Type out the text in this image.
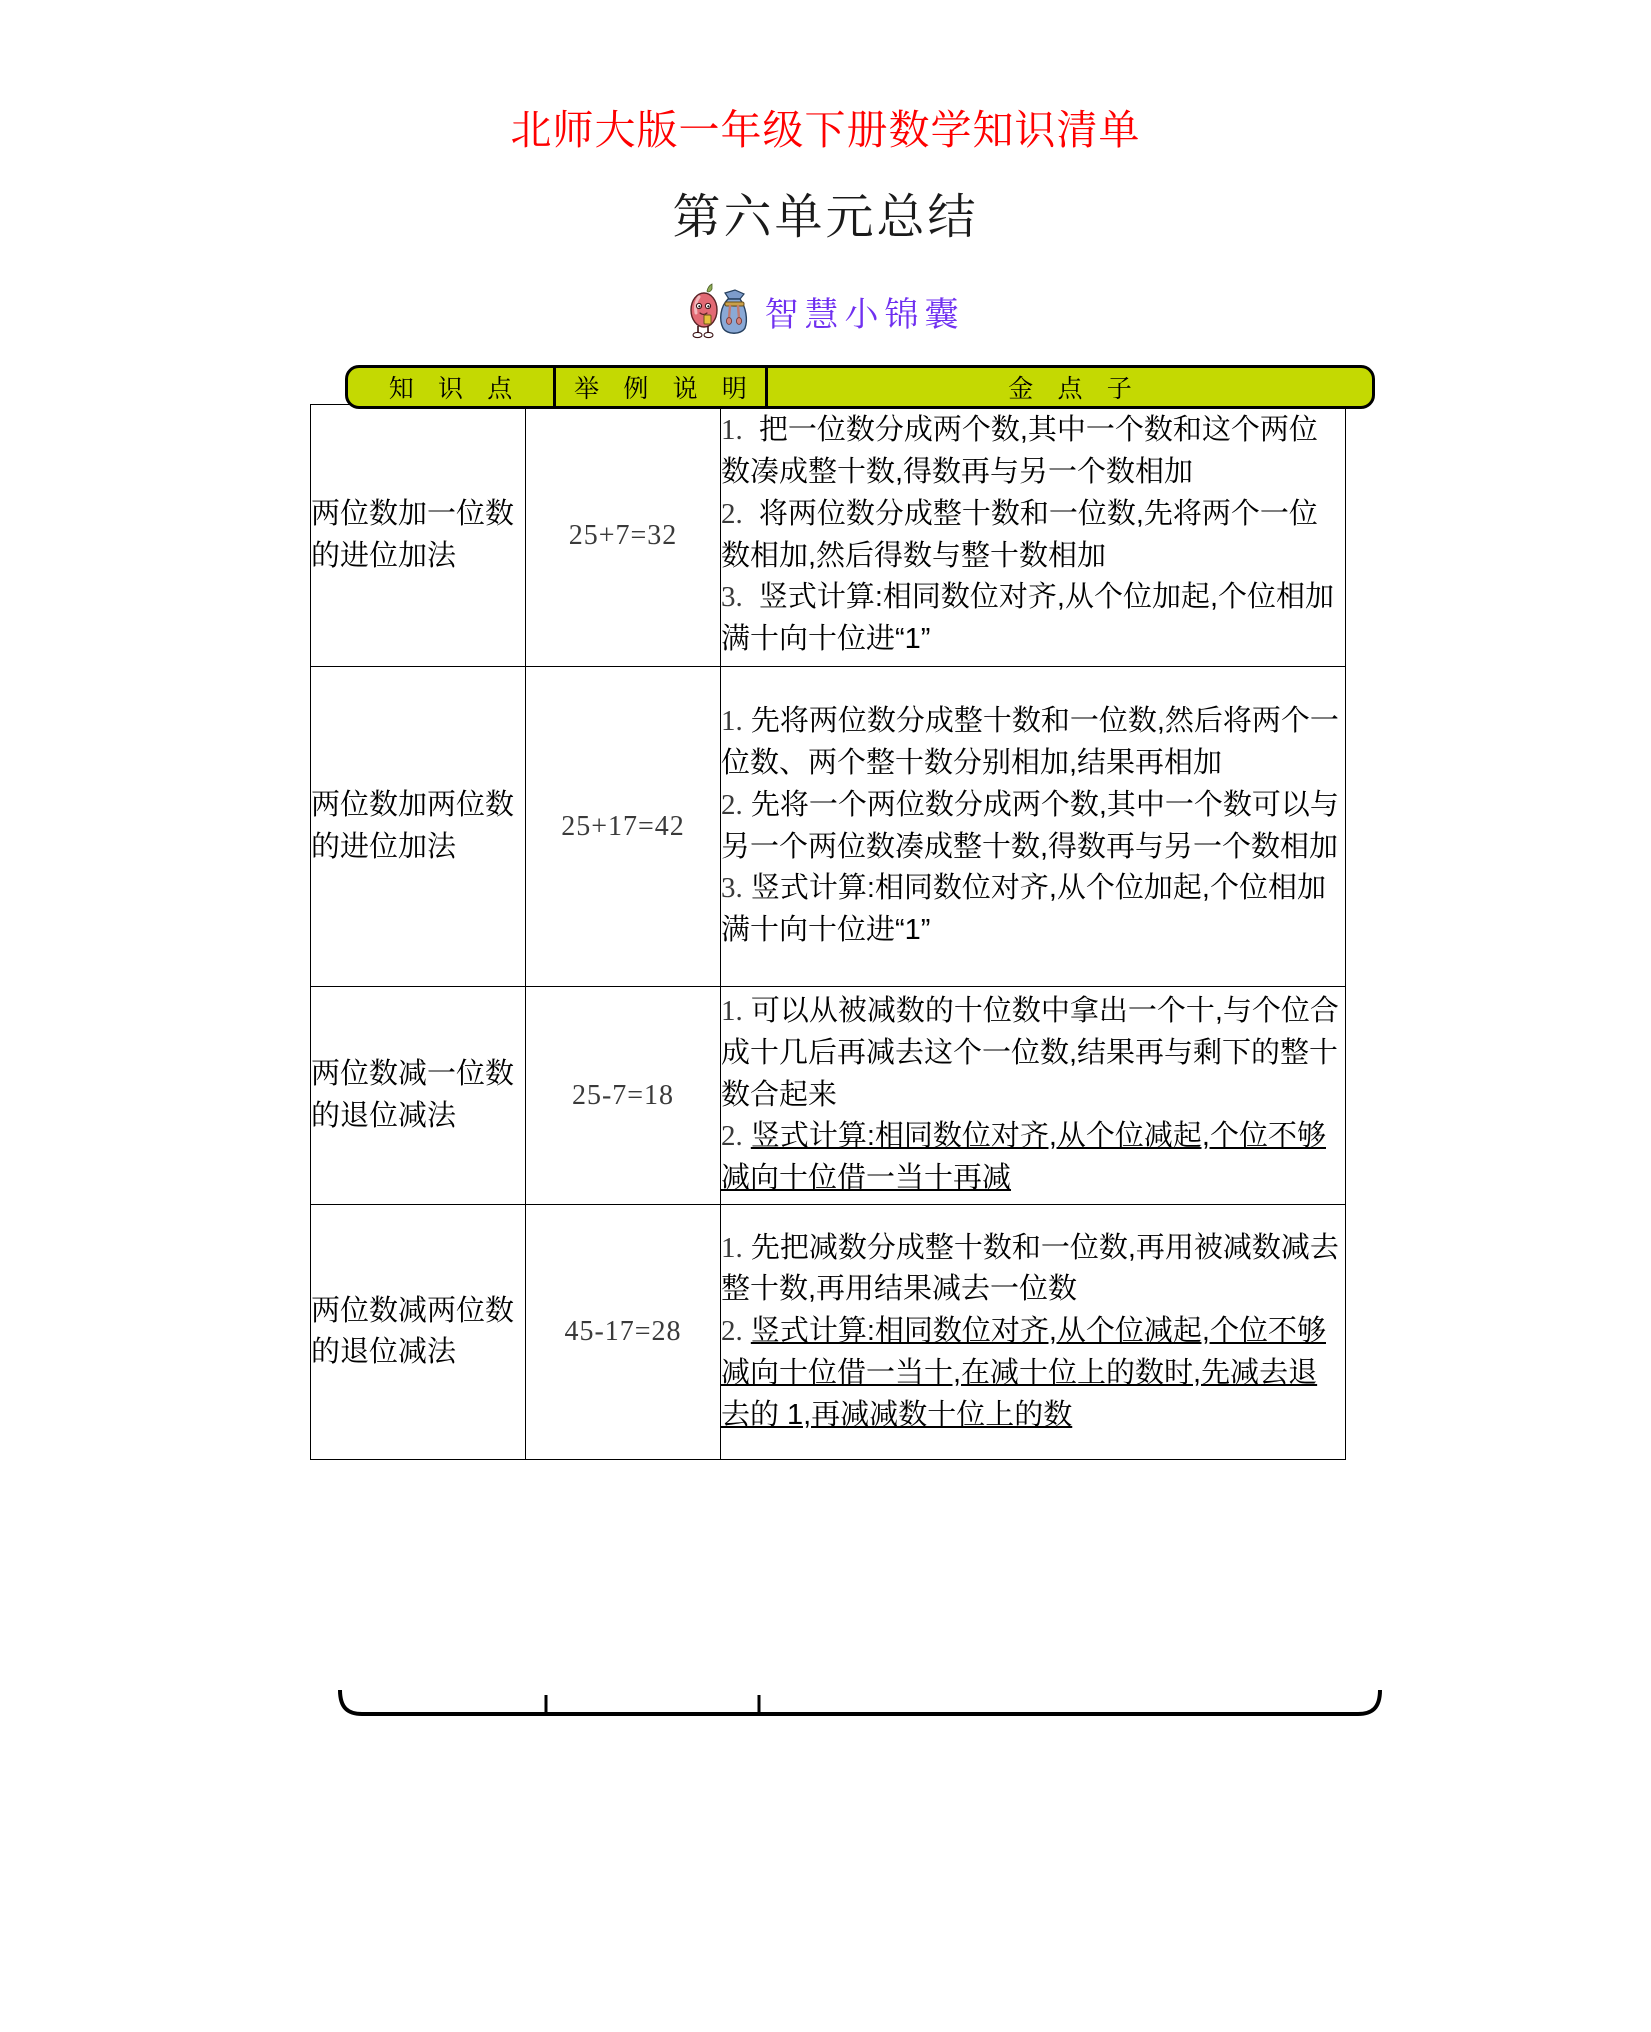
北师大版一年级下册数学知识清单
第六单元总结
智慧小锦囊
知 识 点	举 例 说 明	金 点 子
两位数加一位数的进位加法	25+7=32	1. 把一位数分成两个数,其中一个数和这个两位数凑成整十数,得数再与另一个数相加
2. 将两位数分成整十数和一位数,先将两个一位数相加,然后得数与整十数相加
3. 竖式计算:相同数位对齐,从个位加起,个位相加满十向十位进“1”

两位数加两位数的进位加法	25+17=42	1. 先将两位数分成整十数和一位数,然后将两个一位数、两个整十数分别相加,结果再相加
2. 先将一个两位数分成两个数,其中一个数可以与另一个两位数凑成整十数,得数再与另一个数相加
3. 竖式计算:相同数位对齐,从个位加起,个位相加满十向十位进“1”

两位数减一位数的退位减法	25-7=18	1. 可以从被减数的十位数中拿出一个十,与个位合成十几后再减去这个一位数,结果再与剩下的整十数合起来
2. 竖式计算:相同数位对齐,从个位减起,个位不够减向十位借一当十再减

两位数减两位数的退位减法	45-17=28	1. 先把减数分成整十数和一位数,再用被减数减去整十数,再用结果减去一位数
2. 竖式计算:相同数位对齐,从个位减起,个位不够减向十位借一当十,在减十位上的数时,先减去退去的 1,再减减数十位上的数
